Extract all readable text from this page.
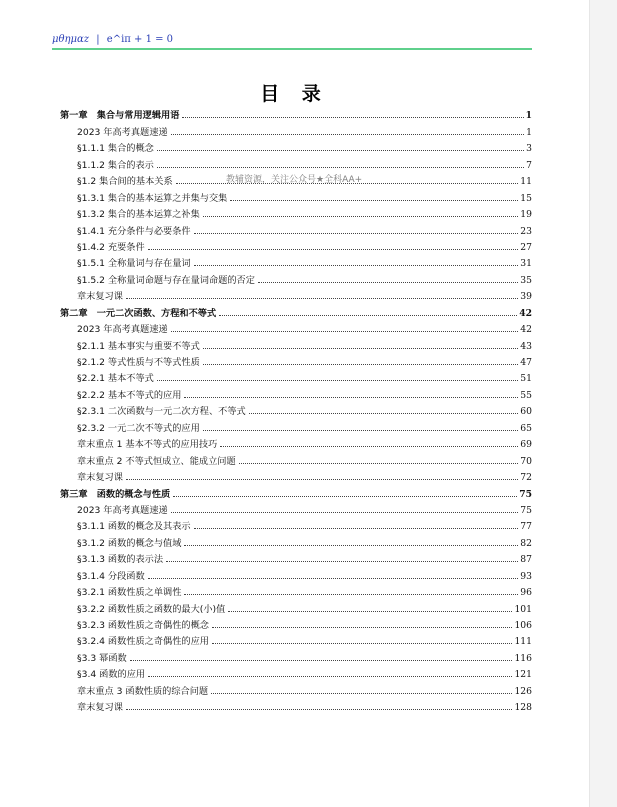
μθημαz | e^iπ + 1 = 0
目 录
第一章　集合与常用逻辑用语	1
2023 年高考真题速递	1
§1.1.1 集合的概念	3
§1.1.2 集合的表示	7
§1.2 集合间的基本关系	11
§1.3.1 集合的基本运算之并集与交集	15
§1.3.2 集合的基本运算之补集	19
§1.4.1 充分条件与必要条件	23
§1.4.2 充要条件	27
§1.5.1 全称量词与存在量词	31
§1.5.2 全称量词命题与存在量词命题的否定	35
章末复习课	39
第二章　一元二次函数、方程和不等式	42
2023 年高考真题速递	42
§2.1.1 基本事实与重要不等式	43
§2.1.2 等式性质与不等式性质	47
§2.2.1 基本不等式	51
§2.2.2 基本不等式的应用	55
§2.3.1 二次函数与一元二次方程、不等式	60
§2.3.2 一元二次不等式的应用	65
章末重点 1 基本不等式的应用技巧	69
章末重点 2 不等式恒成立、能成立问题	70
章末复习课	72
第三章　函数的概念与性质	75
2023 年高考真题速递	75
§3.1.1 函数的概念及其表示	77
§3.1.2 函数的概念与值域	82
§3.1.3 函数的表示法	87
§3.1.4 分段函数	93
§3.2.1 函数性质之单调性	96
§3.2.2 函数性质之函数的最大(小)值	101
§3.2.3 函数性质之奇偶性的概念	106
§3.2.4 函数性质之奇偶性的应用	111
§3.3 幂函数	116
§3.4 函数的应用	121
章末重点 3 函数性质的综合问题	126
章末复习课	128
教辅资源，关注公众号★全科AA+
